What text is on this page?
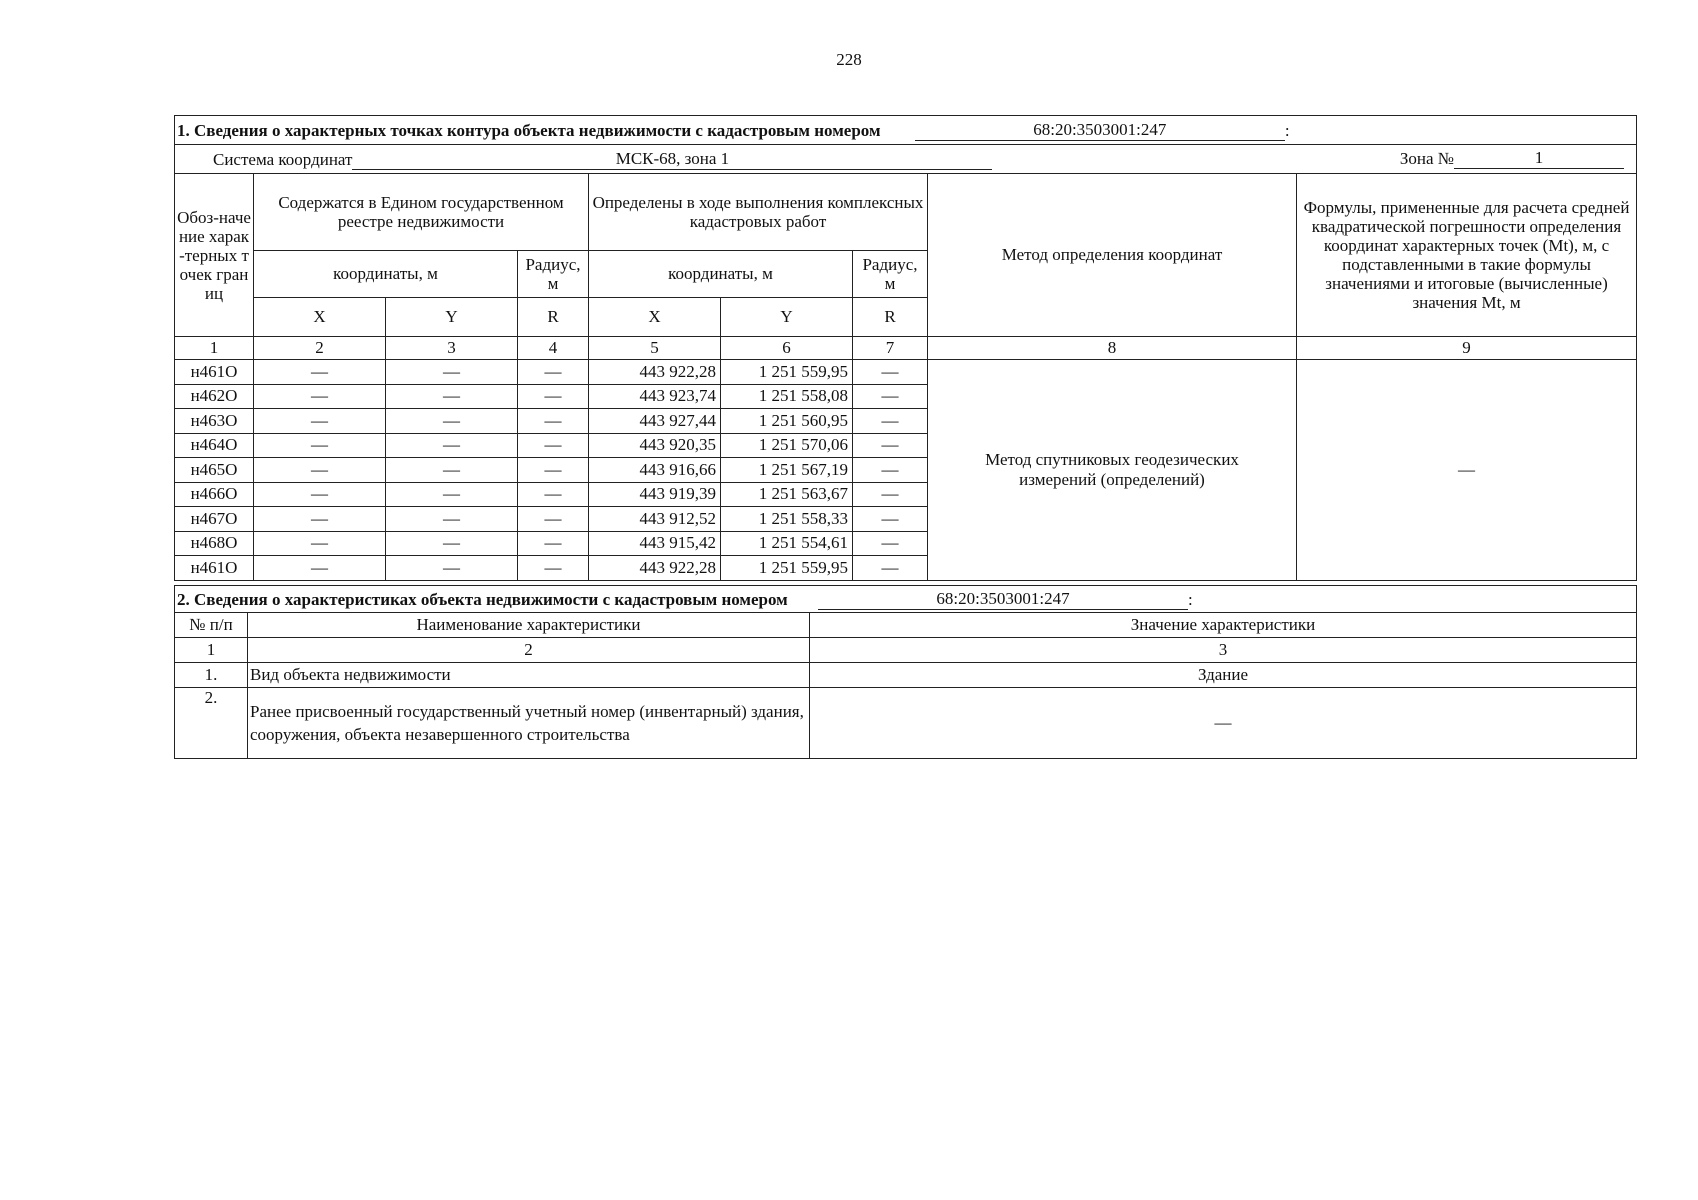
228
1. Сведения о характерных точках контура объекта недвижимости с кадастровым номером 68:20:3503001:247 :								
Система координат МСК-68, зона 1 Зона № 1								

Обоз-начение харак-терных точек границ	Содержатся в Едином государственном реестре недвижимости			Определены в ходе выполнения комплексных кадастровых работ			Метод определения координат	Формулы, примененные для расчета средней квадратической погрешности определения координат характерных точек (Mt), м, с подставленными в такие формулы значениями и итоговые (вычисленные) значения Mt, м
	координаты, м		Радиус, м	координаты, м		Радиус, м		
	X	Y	R	X	Y	R		
1	2	3	4	5	6	7	8	9
н461О	—	—	—	443 922,28	1 251 559,95	—	Метод спутниковых геодезических измерений (определений)	—
н462О	—	—	—	443 923,74	1 251 558,08	—		
н463О	—	—	—	443 927,44	1 251 560,95	—		
н464О	—	—	—	443 920,35	1 251 570,06	—		
н465О	—	—	—	443 916,66	1 251 567,19	—		
н466О	—	—	—	443 919,39	1 251 563,67	—		
н467О	—	—	—	443 912,52	1 251 558,33	—		
н468О	—	—	—	443 915,42	1 251 554,61	—		
н461О	—	—	—	443 922,28	1 251 559,95	—		
2. Сведения о характеристиках объекта недвижимости с кадастровым номером 68:20:3503001:247 :		
№ п/п	Наименование характеристики	Значение характеристики
1	2	3
1.	Вид объекта недвижимости	Здание
2.	Ранее присвоенный государственный учетный номер (инвентарный) здания, сооружения, объекта незавершенного строительства	—
